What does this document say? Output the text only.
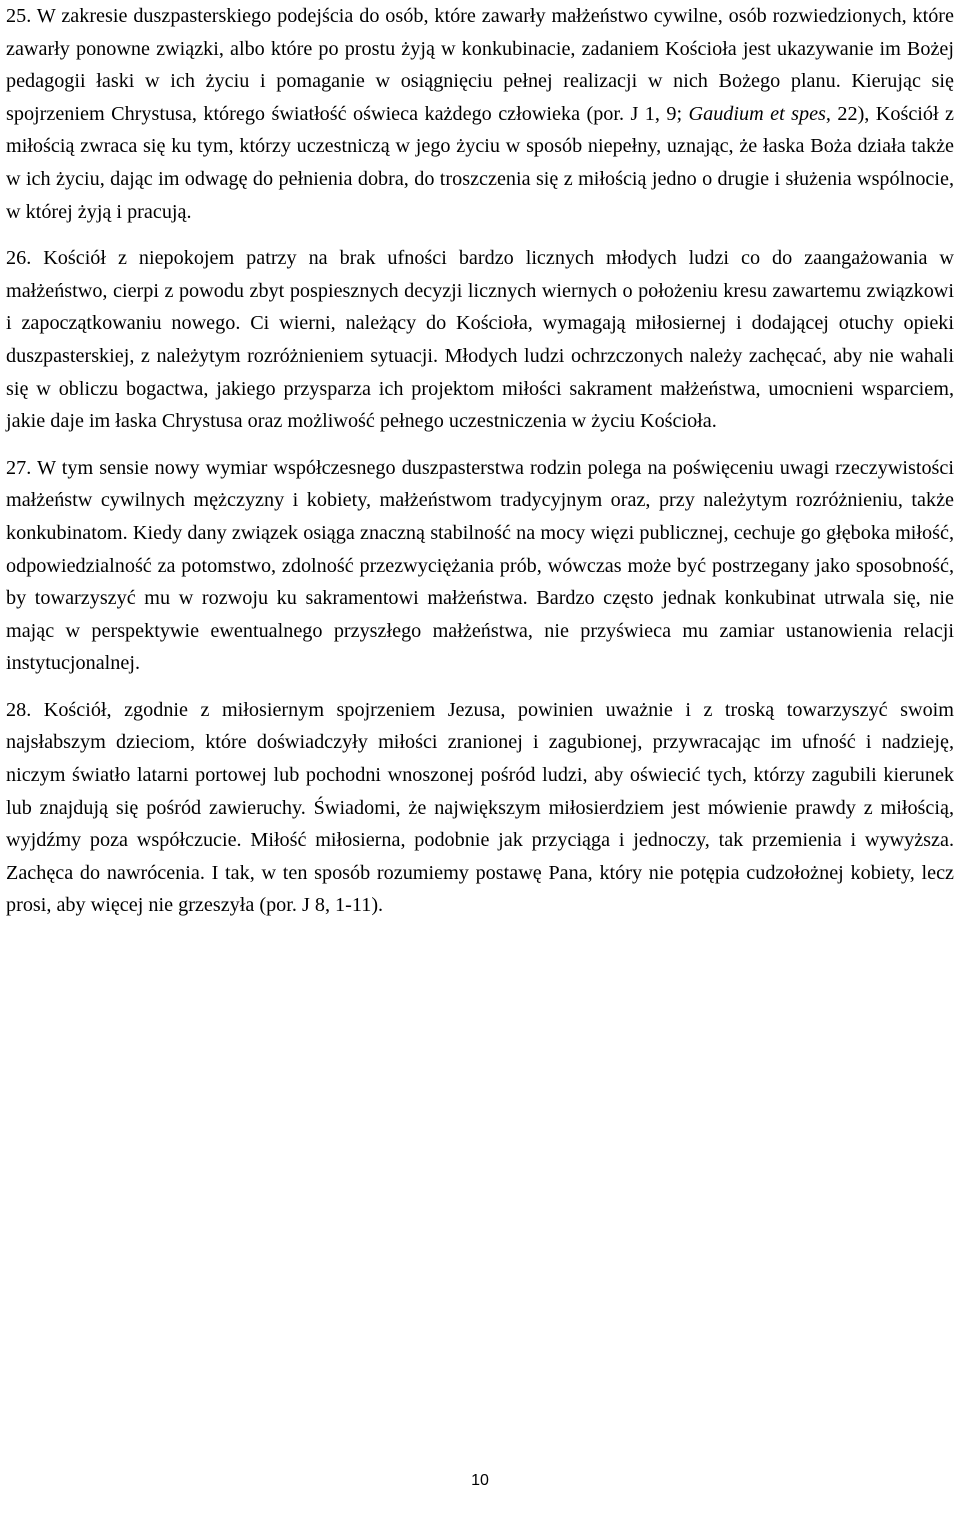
25. W zakresie duszpasterskiego podejścia do osób, które zawarły małżeństwo cywilne, osób rozwiedzionych, które zawarły ponowne związki, albo które po prostu żyją w konkubinacie, zadaniem Kościoła jest ukazywanie im Bożej pedagogii łaski w ich życiu i pomaganie w osiągnięciu pełnej realizacji w nich Bożego planu. Kierując się spojrzeniem Chrystusa, którego światłość oświeca każdego człowieka (por. J 1, 9; Gaudium et spes, 22), Kościół z miłością zwraca się ku tym, którzy uczestniczą w jego życiu w sposób niepełny, uznając, że łaska Boża działa także w ich życiu, dając im odwagę do pełnienia dobra, do troszczenia się z miłością jedno o drugie i służenia wspólnocie, w której żyją i pracują.

26. Kościół z niepokojem patrzy na brak ufności bardzo licznych młodych ludzi co do zaangażowania w małżeństwo, cierpi z powodu zbyt pospiesznych decyzji licznych wiernych o położeniu kresu zawartemu związkowi i zapoczątkowaniu nowego. Ci wierni, należący do Kościoła, wymagają miłosiernej i dodającej otuchy opieki duszpasterskiej, z należytym rozróżnieniem sytuacji. Młodych ludzi ochrzczonych należy zachęcać, aby nie wahali się w obliczu bogactwa, jakiego przysparza ich projektom miłości sakrament małżeństwa, umocnieni wsparciem, jakie daje im łaska Chrystusa oraz możliwość pełnego uczestniczenia w życiu Kościoła.

27. W tym sensie nowy wymiar współczesnego duszpasterstwa rodzin polega na poświęceniu uwagi rzeczywistości małżeństw cywilnych mężczyzny i kobiety, małżeństwom tradycyjnym oraz, przy należytym rozróżnieniu, także konkubinatom. Kiedy dany związek osiąga znaczną stabilność na mocy więzi publicznej, cechuje go głęboka miłość, odpowiedzialność za potomstwo, zdolność przezwyciężania prób, wówczas może być postrzegany jako sposobność, by towarzyszyć mu w rozwoju ku sakramentowi małżeństwa. Bardzo często jednak konkubinat utrwala się, nie mając w perspektywie ewentualnego przyszłego małżeństwa, nie przyświeca mu zamiar ustanowienia relacji instytucjonalnej.

28. Kościół, zgodnie z miłosiernym spojrzeniem Jezusa, powinien uważnie i z troską towarzyszyć swoim najsłabszym dzieciom, które doświadczyły miłości zranionej i zagubionej, przywracając im ufność i nadzieję, niczym światło latarni portowej lub pochodni wnoszonej pośród ludzi, aby oświecić tych, którzy zagubili kierunek lub znajdują się pośród zawieruchy. Świadomi, że największym miłosierdziem jest mówienie prawdy z miłością, wyjdźmy poza współczucie. Miłość miłosierna, podobnie jak przyciąga i jednoczy, tak przemienia i wywyższa. Zachęca do nawrócenia. I tak, w ten sposób rozumiemy postawę Pana, który nie potępia cudzołożnej kobiety, lecz prosi, aby więcej nie grzeszyła (por. J 8, 1-11).

10
